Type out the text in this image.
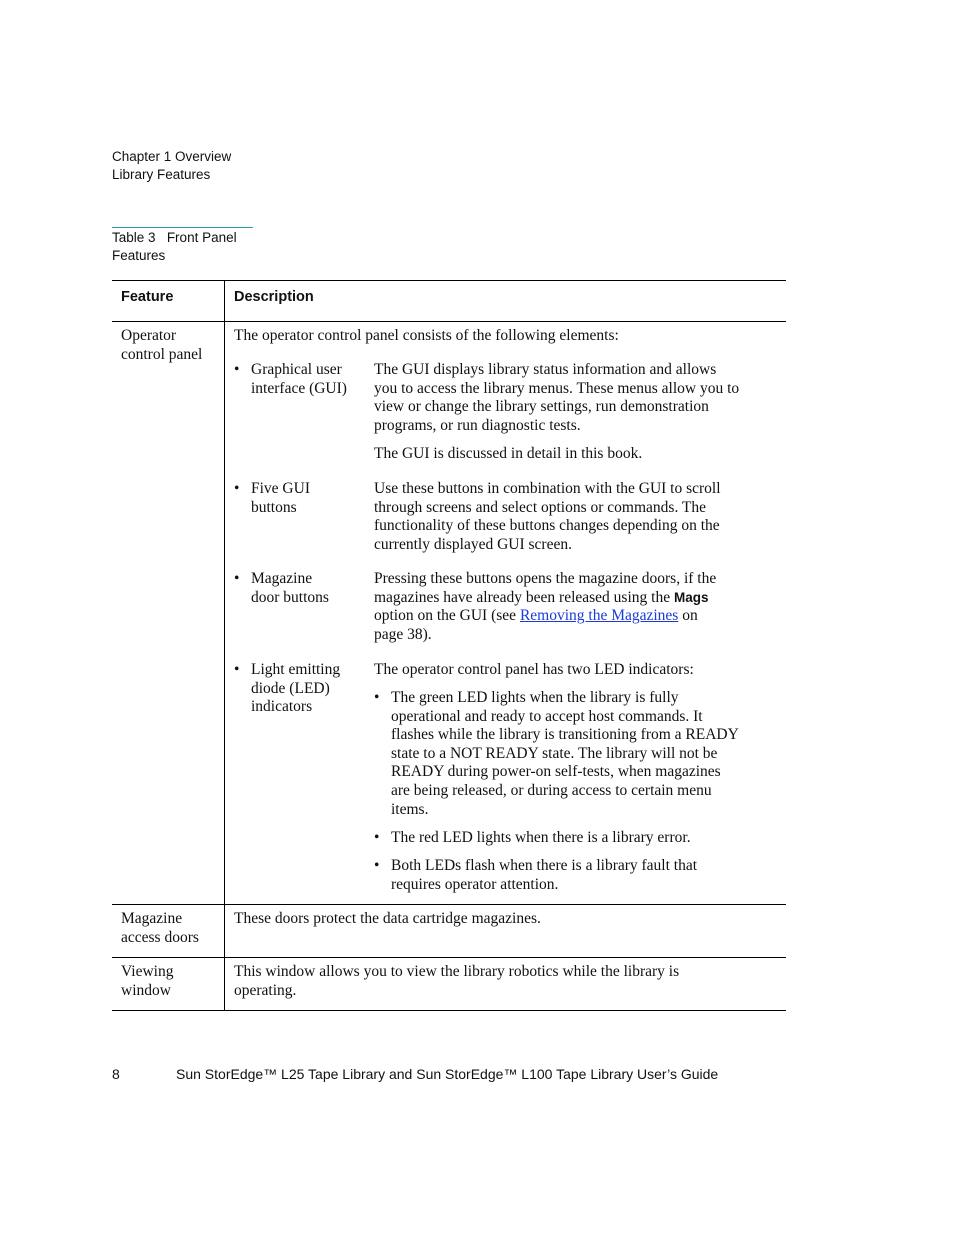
Chapter 1 Overview
Library Features
Table 3 Front Panel
Features
Feature	Description
Operator
control panel
The operator control panel consists of the following elements:
• Graphical user
interface (GUI)
The GUI displays library status information and allows
you to access the library menus. These menus allow you to
view or change the library settings, run demonstration
programs, or run diagnostic tests.
The GUI is discussed in detail in this book.
• Five GUI
buttons
Use these buttons in combination with the GUI to scroll
through screens and select options or commands. The
functionality of these buttons changes depending on the
currently displayed GUI screen.
• Magazine
door buttons
Pressing these buttons opens the magazine doors, if the
magazines have already been released using the Mags
option on the GUI (see Removing the Magazines on
page 38).
• Light emitting
diode (LED)
indicators
The operator control panel has two LED indicators:
• The green LED lights when the library is fully
operational and ready to accept host commands. It
flashes while the library is transitioning from a READY
state to a NOT READY state. The library will not be
READY during power-on self-tests, when magazines
are being released, or during access to certain menu
items.
• The red LED lights when there is a library error.
• Both LEDs flash when there is a library fault that
requires operator attention.
Magazine
access doors
These doors protect the data cartridge magazines.
Viewing
window
This window allows you to view the library robotics while the library is
operating.
8	Sun StorEdge™ L25 Tape Library and Sun StorEdge™ L100 Tape Library User’s Guide
